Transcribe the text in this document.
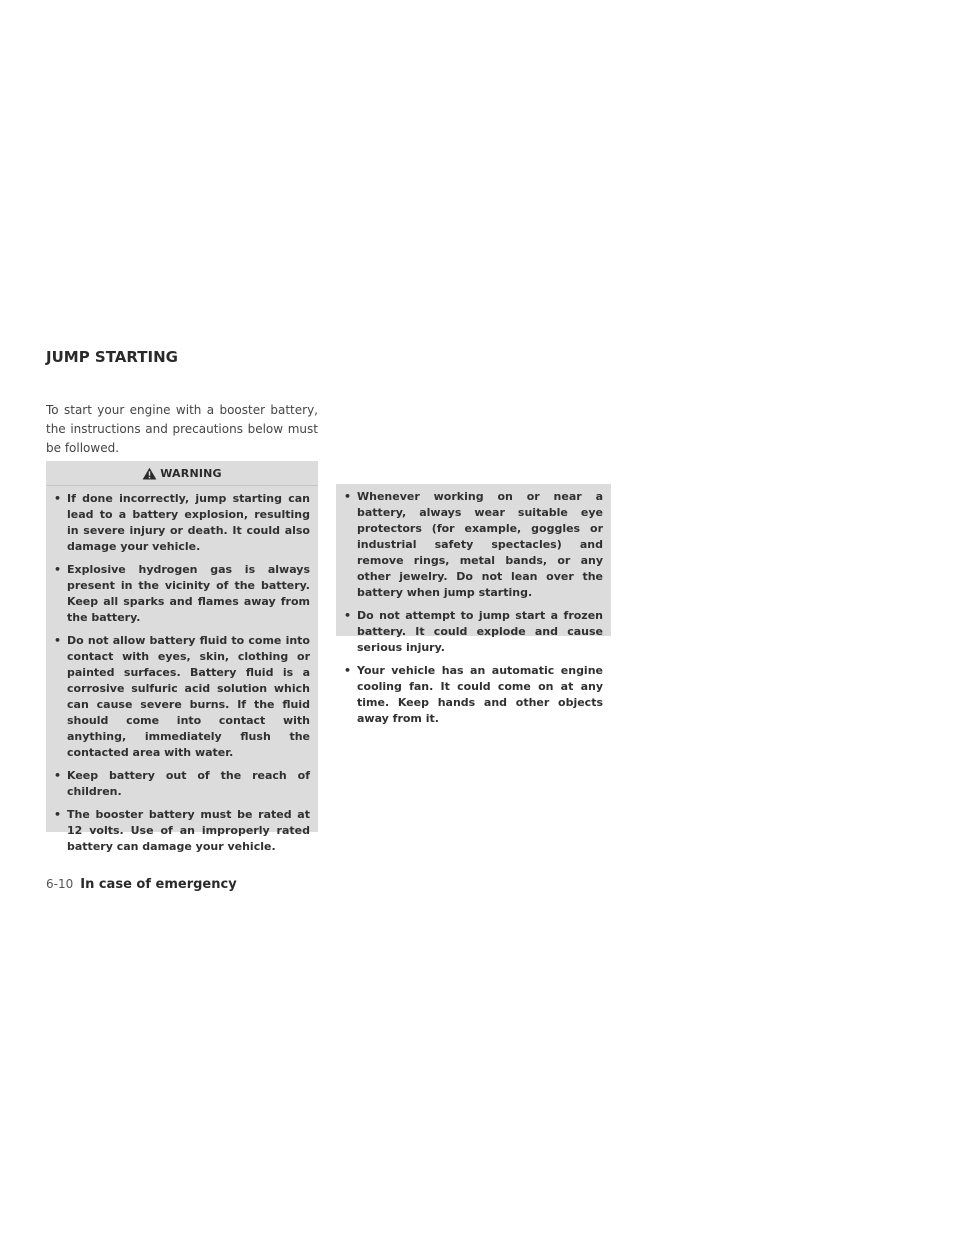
JUMP STARTING

To start your engine with a booster battery, the instructions and precautions below must be followed.

WARNING
• If done incorrectly, jump starting can lead to a battery explosion, resulting in severe injury or death. It could also damage your vehicle.
• Explosive hydrogen gas is always present in the vicinity of the battery. Keep all sparks and flames away from the battery.
• Do not allow battery fluid to come into contact with eyes, skin, clothing or painted surfaces. Battery fluid is a corrosive sulfuric acid solution which can cause severe burns. If the fluid should come into contact with anything, immediately flush the contacted area with water.
• Keep battery out of the reach of children.
• The booster battery must be rated at 12 volts. Use of an improperly rated battery can damage your vehicle.
• Whenever working on or near a battery, always wear suitable eye protectors (for example, goggles or industrial safety spectacles) and remove rings, metal bands, or any other jewelry. Do not lean over the battery when jump starting.
• Do not attempt to jump start a frozen battery. It could explode and cause serious injury.
• Your vehicle has an automatic engine cooling fan. It could come on at any time. Keep hands and other objects away from it.
6-10 In case of emergency
